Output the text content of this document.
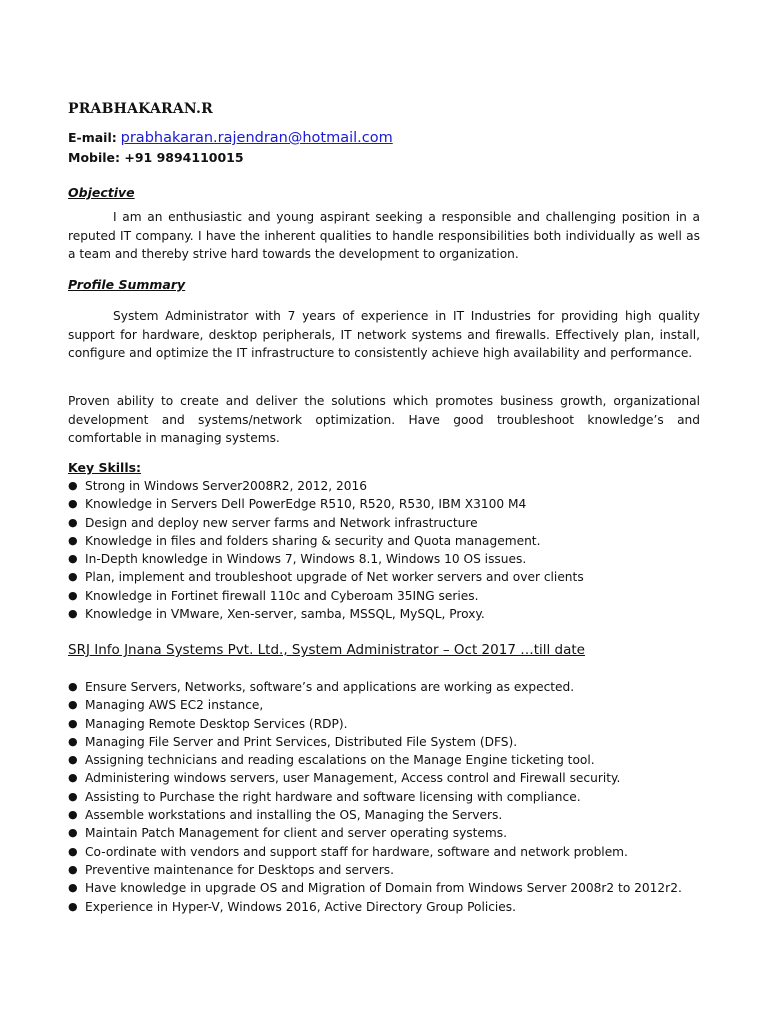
PRABHAKARAN.R
E-mail: prabhakaran.rajendran@hotmail.com
Mobile: +91 9894110015
Objective

I am an enthusiastic and young aspirant seeking a responsible and challenging position in a reputed IT company. I have the inherent qualities to handle responsibilities both individually as well as a team and thereby strive hard towards the development to organization.

Profile Summary

System Administrator with 7 years of experience in IT Industries for providing high quality support for hardware, desktop peripherals, IT network systems and firewalls. Effectively plan, install, configure and optimize the IT infrastructure to consistently achieve high availability and performance.

Proven ability to create and deliver the solutions which promotes business growth, organizational development and systems/network optimization. Have good troubleshoot knowledge’s and comfortable in managing systems.

Key Skills:
● Strong in Windows Server2008R2, 2012, 2016
● Knowledge in Servers Dell PowerEdge R510, R520, R530, IBM X3100 M4
● Design and deploy new server farms and Network infrastructure
● Knowledge in files and folders sharing & security and Quota management.
● In-Depth knowledge in Windows 7, Windows 8.1, Windows 10 OS issues.
● Plan, implement and troubleshoot upgrade of Net worker servers and over clients
● Knowledge in Fortinet firewall 110c and Cyberoam 35ING series.
● Knowledge in VMware, Xen-server, samba, MSSQL, MySQL, Proxy.
SRJ Info Jnana Systems Pvt. Ltd., System Administrator – Oct 2017 …till date
● Ensure Servers, Networks, software’s and applications are working as expected.
● Managing AWS EC2 instance,
● Managing Remote Desktop Services (RDP).
● Managing File Server and Print Services, Distributed File System (DFS).
● Assigning technicians and reading escalations on the Manage Engine ticketing tool.
● Administering windows servers, user Management, Access control and Firewall security.
● Assisting to Purchase the right hardware and software licensing with compliance.
● Assemble workstations and installing the OS, Managing the Servers.
● Maintain Patch Management for client and server operating systems.
● Co-ordinate with vendors and support staff for hardware, software and network problem.
● Preventive maintenance for Desktops and servers.
● Have knowledge in upgrade OS and Migration of Domain from Windows Server 2008r2 to 2012r2.
● Experience in Hyper-V, Windows 2016, Active Directory Group Policies.
